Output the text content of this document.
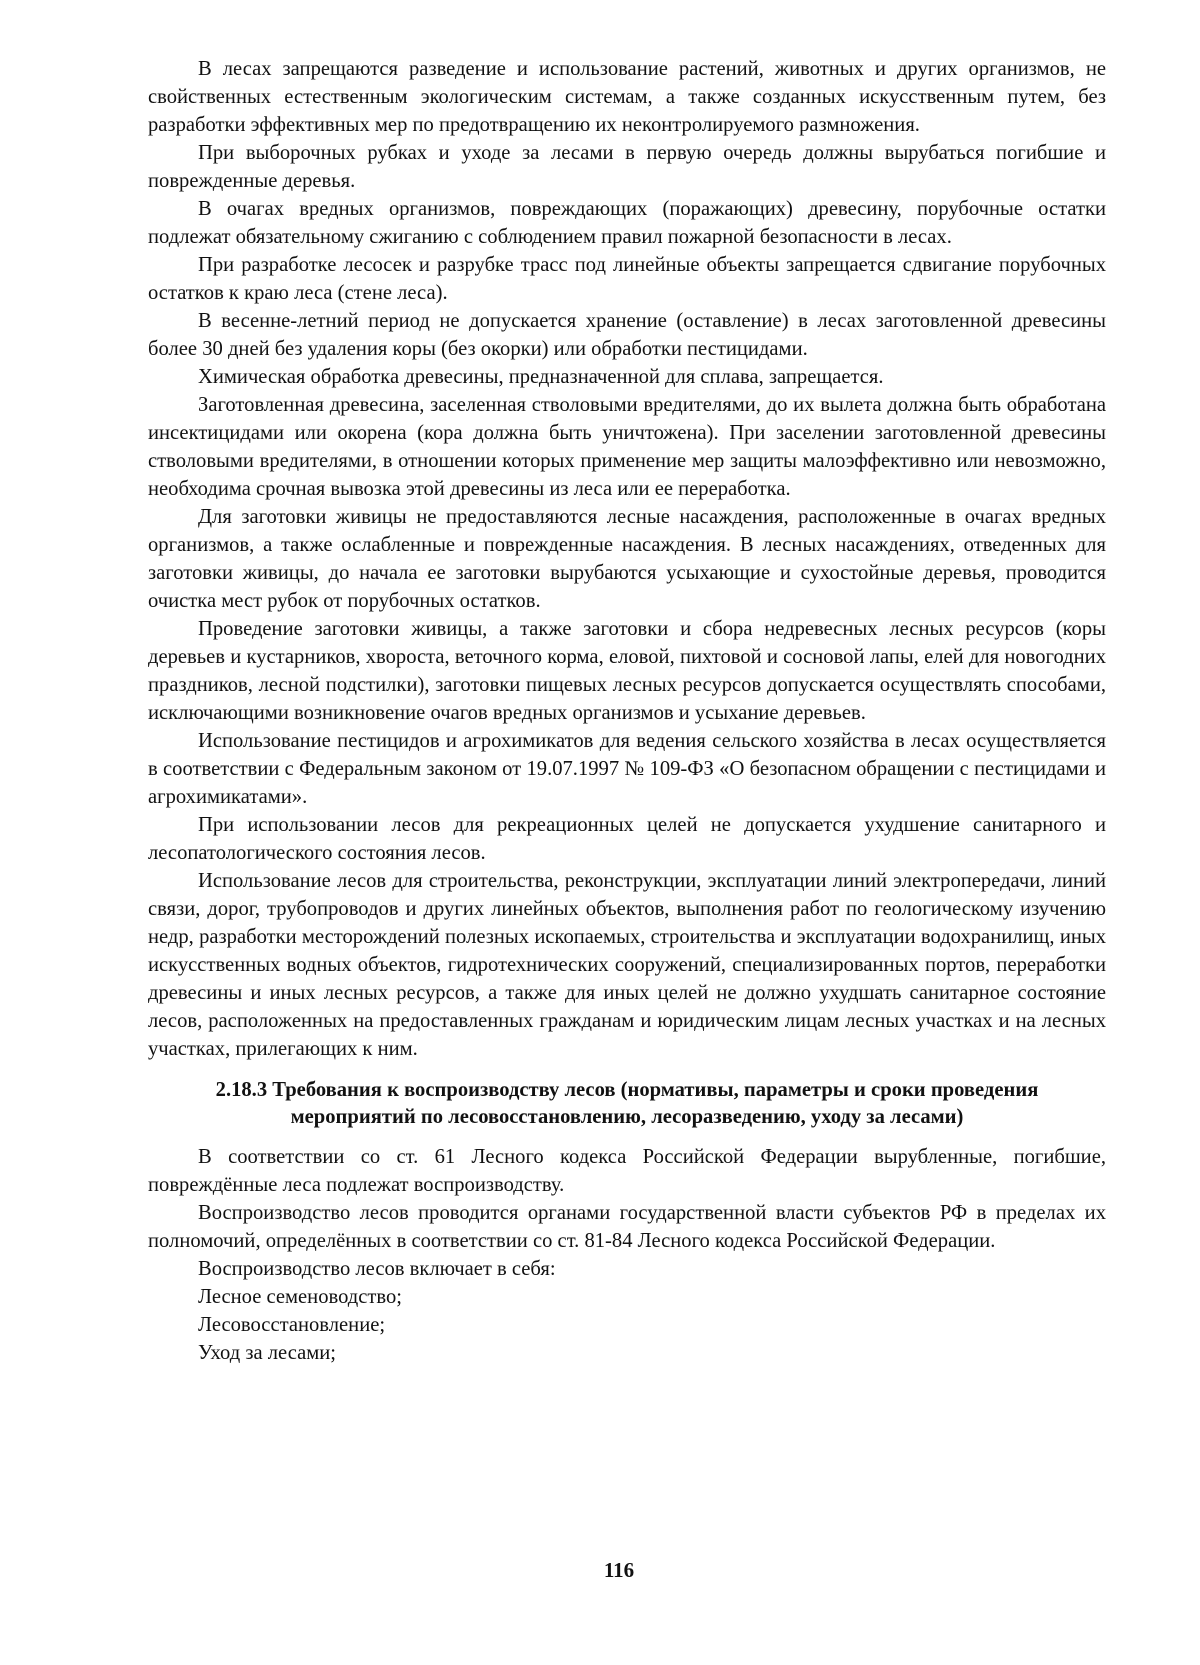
В лесах запрещаются разведение и использование растений, животных и других организмов, не свойственных естественным экологическим системам, а также созданных искусственным путем, без разработки эффективных мер по предотвращению их неконтролируемого размножения.

При выборочных рубках и уходе за лесами в первую очередь должны вырубаться погибшие и поврежденные деревья.

В очагах вредных организмов, повреждающих (поражающих) древесину, порубочные остатки подлежат обязательному сжиганию с соблюдением правил пожарной безопасности в лесах.

При разработке лесосек и разрубке трасс под линейные объекты запрещается сдвигание порубочных остатков к краю леса (стене леса).

В весенне-летний период не допускается хранение (оставление) в лесах заготовленной древесины более 30 дней без удаления коры (без окорки) или обработки пестицидами.

Химическая обработка древесины, предназначенной для сплава, запрещается.

Заготовленная древесина, заселенная стволовыми вредителями, до их вылета должна быть обработана инсектицидами или окорена (кора должна быть уничтожена). При заселении заготовленной древесины стволовыми вредителями, в отношении которых применение мер защиты малоэффективно или невозможно, необходима срочная вывозка этой древесины из леса или ее переработка.

Для заготовки живицы не предоставляются лесные насаждения, расположенные в очагах вредных организмов, а также ослабленные и поврежденные насаждения. В лесных насаждениях, отведенных для заготовки живицы, до начала ее заготовки вырубаются усыхающие и сухостойные деревья, проводится очистка мест рубок от порубочных остатков.

Проведение заготовки живицы, а также заготовки и сбора недревесных лесных ресурсов (коры деревьев и кустарников, хвороста, веточного корма, еловой, пихтовой и сосновой лапы, елей для новогодних праздников, лесной подстилки), заготовки пищевых лесных ресурсов допускается осуществлять способами, исключающими возникновение очагов вредных организмов и усыхание деревьев.

Использование пестицидов и агрохимикатов для ведения сельского хозяйства в лесах осуществляется в соответствии с Федеральным законом от 19.07.1997 № 109-ФЗ «О безопасном обращении с пестицидами и агрохимикатами».

При использовании лесов для рекреационных целей не допускается ухудшение санитарного и лесопатологического состояния лесов.

Использование лесов для строительства, реконструкции, эксплуатации линий электропередачи, линий связи, дорог, трубопроводов и других линейных объектов, выполнения работ по геологическому изучению недр, разработки месторождений полезных ископаемых, строительства и эксплуатации водохранилищ, иных искусственных водных объектов, гидротехнических сооружений, специализированных портов, переработки древесины и иных лесных ресурсов, а также для иных целей не должно ухудшать санитарное состояние лесов, расположенных на предоставленных гражданам и юридическим лицам лесных участках и на лесных участках, прилегающих к ним.

2.18.3 Требования к воспроизводству лесов (нормативы, параметры и сроки проведения
мероприятий по лесовосстановлению, лесоразведению, уходу за лесами)

В соответствии со ст. 61 Лесного кодекса Российской Федерации вырубленные, погибшие, повреждённые леса подлежат воспроизводству.

Воспроизводство лесов проводится органами государственной власти субъектов РФ в пределах их полномочий, определённых в соответствии со ст. 81-84 Лесного кодекса Российской Федерации.

Воспроизводство лесов включает в себя:

Лесное семеноводство;

Лесовосстановление;

Уход за лесами;

116
